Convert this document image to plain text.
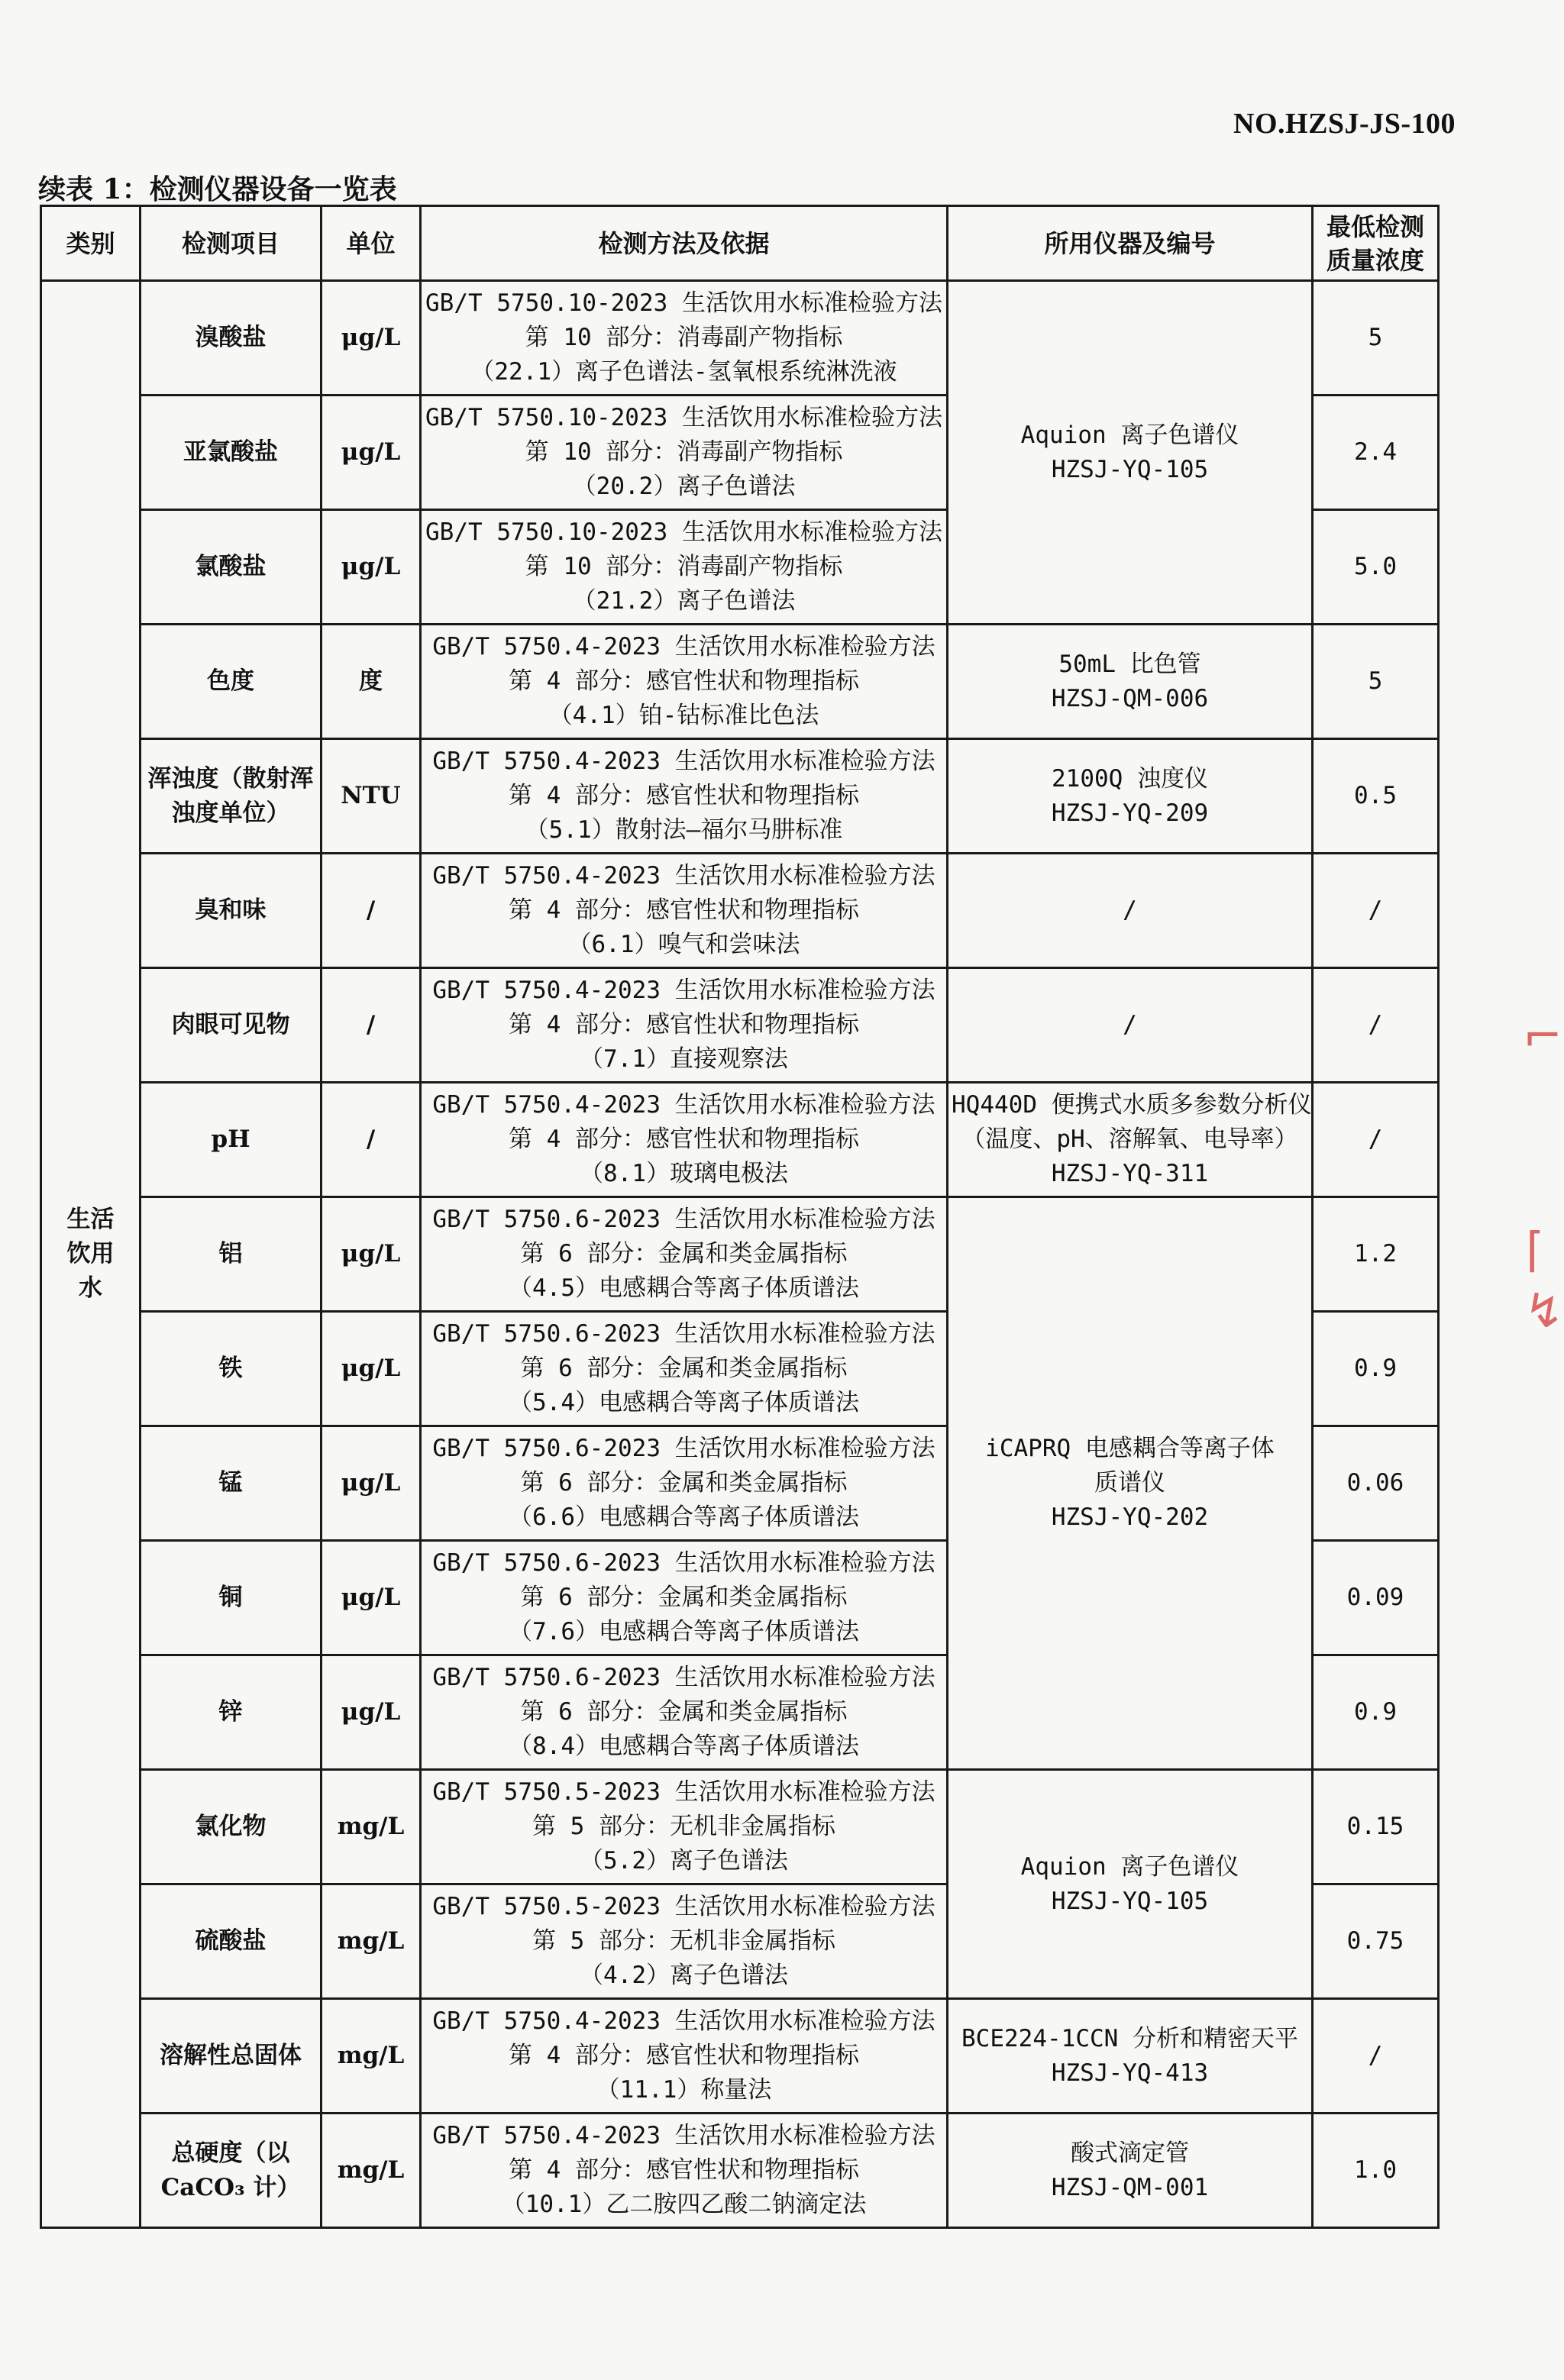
NO.HZSJ-JS-100
续表 1：检测仪器设备一览表
类别	检测项目	单位	检测方法及依据	所用仪器及编号	最低检测质量浓度

生活饮用水	溴酸盐	μg/L	GB/T 5750.10-2023 生活饮用水标准检验方法
第 10 部分：消毒副产物指标
（22.1）离子色谱法-氢氧根系统淋洗液	Aquion 离子色谱仪
HZSJ-YQ-105	5

	亚氯酸盐	μg/L	GB/T 5750.10-2023 生活饮用水标准检验方法
第 10 部分：消毒副产物指标
（20.2）离子色谱法		2.4

	氯酸盐	μg/L	GB/T 5750.10-2023 生活饮用水标准检验方法
第 10 部分：消毒副产物指标
（21.2）离子色谱法		5.0

	色度	度	GB/T 5750.4-2023 生活饮用水标准检验方法
第 4 部分：感官性状和物理指标
（4.1）铂-钴标准比色法	50mL 比色管
HZSJ-QM-006	5

	浑浊度（散射浑浊度单位）	NTU	GB/T 5750.4-2023 生活饮用水标准检验方法
第 4 部分：感官性状和物理指标
（5.1）散射法—福尔马肼标准	2100Q 浊度仪
HZSJ-YQ-209	0.5

	臭和味	/	GB/T 5750.4-2023 生活饮用水标准检验方法
第 4 部分：感官性状和物理指标
（6.1）嗅气和尝味法	/	/

	肉眼可见物	/	GB/T 5750.4-2023 生活饮用水标准检验方法
第 4 部分：感官性状和物理指标
（7.1）直接观察法	/	/

	pH	/	GB/T 5750.4-2023 生活饮用水标准检验方法
第 4 部分：感官性状和物理指标
（8.1）玻璃电极法	HQ440D 便携式水质多参数分析仪
（温度、pH、溶解氧、电导率）
HZSJ-YQ-311	/

	铝	μg/L	GB/T 5750.6-2023 生活饮用水标准检验方法
第 6 部分：金属和类金属指标
（4.5）电感耦合等离子体质谱法	iCAPRQ 电感耦合等离子体
质谱仪
HZSJ-YQ-202	1.2

	铁	μg/L	GB/T 5750.6-2023 生活饮用水标准检验方法
第 6 部分：金属和类金属指标
（5.4）电感耦合等离子体质谱法		0.9

	锰	μg/L	GB/T 5750.6-2023 生活饮用水标准检验方法
第 6 部分：金属和类金属指标
（6.6）电感耦合等离子体质谱法		0.06

	铜	μg/L	GB/T 5750.6-2023 生活饮用水标准检验方法
第 6 部分：金属和类金属指标
（7.6）电感耦合等离子体质谱法		0.09

	锌	μg/L	GB/T 5750.6-2023 生活饮用水标准检验方法
第 6 部分：金属和类金属指标
（8.4）电感耦合等离子体质谱法		0.9

	氯化物	mg/L	GB/T 5750.5-2023 生活饮用水标准检验方法
第 5 部分：无机非金属指标
（5.2）离子色谱法	Aquion 离子色谱仪
HZSJ-YQ-105	0.15

	硫酸盐	mg/L	GB/T 5750.5-2023 生活饮用水标准检验方法
第 5 部分：无机非金属指标
（4.2）离子色谱法		0.75

	溶解性总固体	mg/L	GB/T 5750.4-2023 生活饮用水标准检验方法
第 4 部分：感官性状和物理指标
（11.1）称量法	BCE224-1CCN 分析和精密天平
HZSJ-YQ-413	/

	总硬度（以 CaCO₃ 计）	mg/L	GB/T 5750.4-2023 生活饮用水标准检验方法
第 4 部分：感官性状和物理指标
（10.1）乙二胺四乙酸二钠滴定法	酸式滴定管
HZSJ-QM-001	1.0
⌐
⌈
↯
